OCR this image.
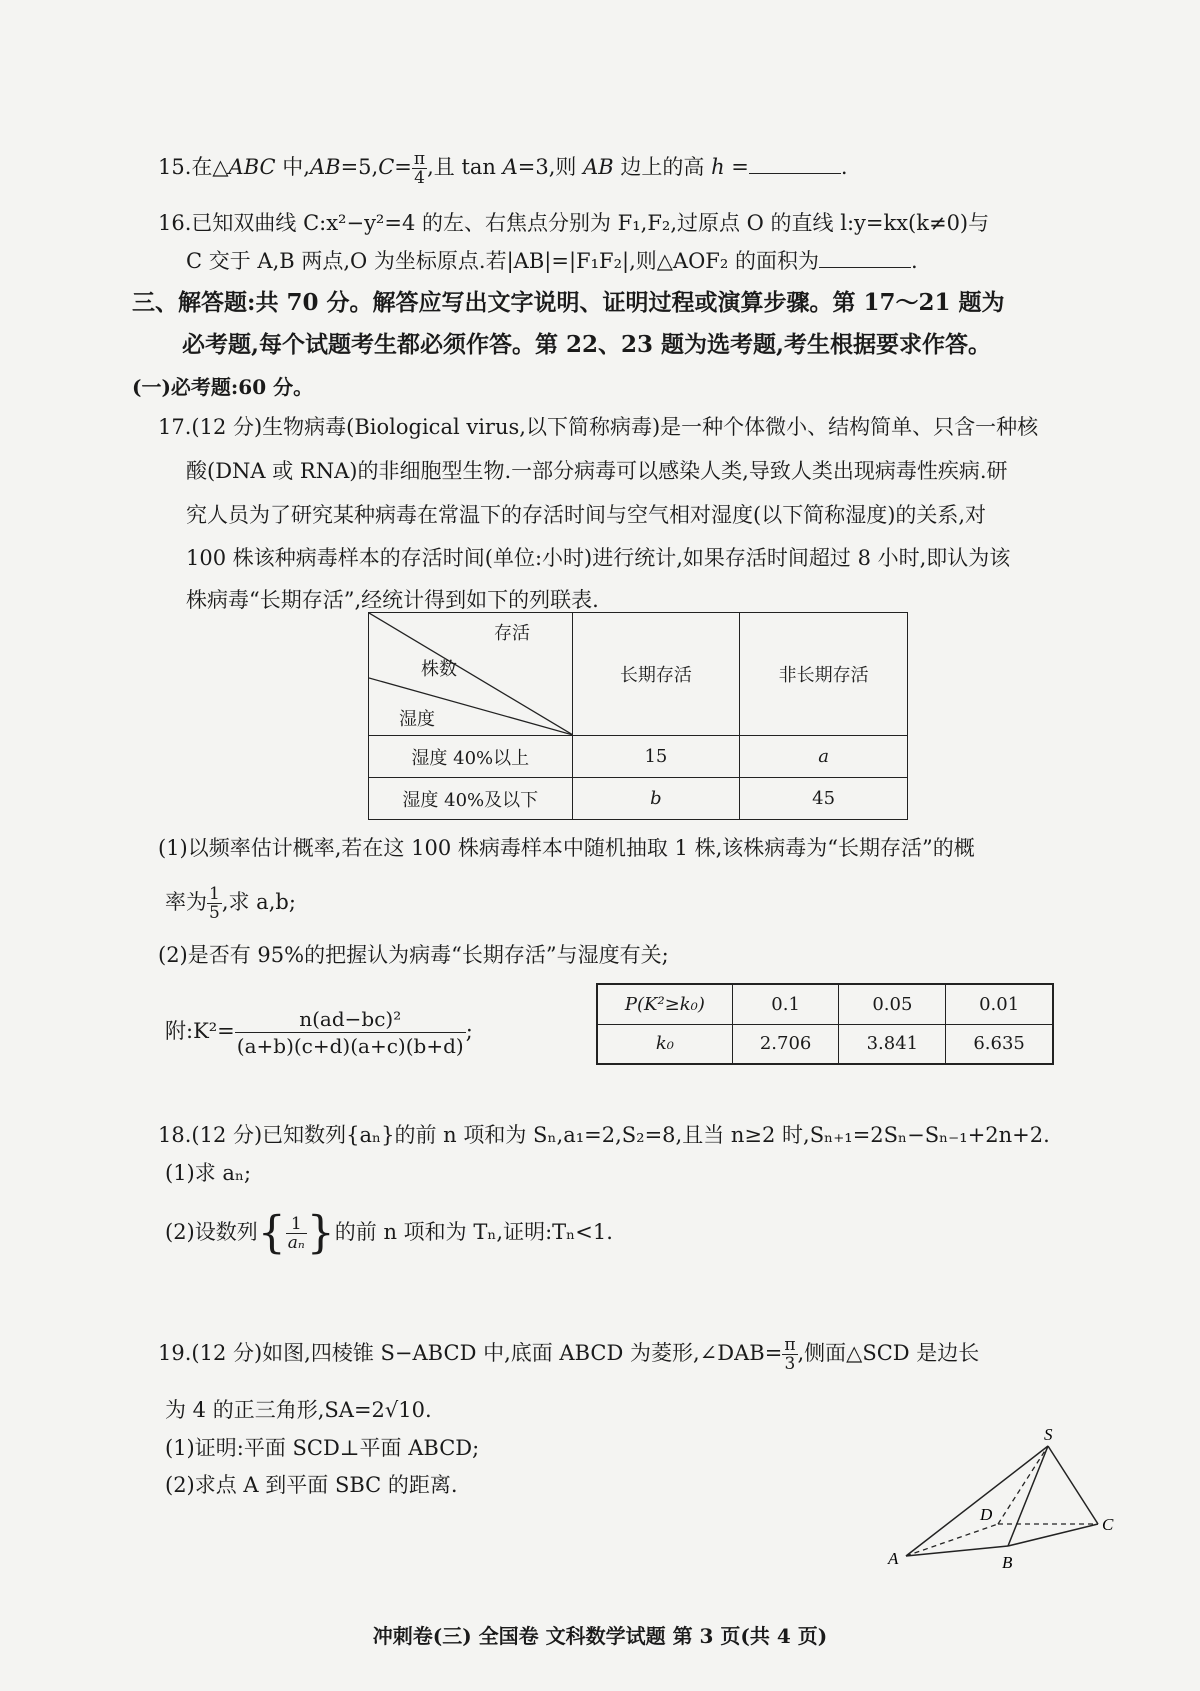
15.在△ABC 中$,AB=5,C= \frac{\pi}{4}$ ,且 tan A=3,则 AB 边上的高 h =	.
16.已知双曲线 C:x²−y²=4 的左、右焦点分别为 F₁,F₂,过原点 O 的直线 l:y=kx(k≠0)与
C 交于 A,B 两点,O 为坐标原点.若|AB|=|F₁F₂|,则△AOF₂ 的面积为	.
三、解答题:共 70 分。解答应写出文字说明、证明过程或演算步骤。第 17～21 题为
必考题,每个试题考生都必须作答。第 22、23 题为选考题,考生根据要求作答。
(一)必考题:60 分。
17.(12 分)生物病毒(Biological virus,以下简称病毒)是一种个体微小、结构简单、只含一种核
酸(DNA 或 RNA)的非细胞型生物.一部分病毒可以感染人类,导致人类出现病毒性疾病.研
究人员为了研究某种病毒在常温下的存活时间与空气相对湿度(以下简称湿度)的关系,对
100 株该种病毒样本的存活时间(单位:小时)进行统计,如果存活时间超过 8 小时,即认为该
株病毒“长期存活”,经统计得到如下的列联表.
存活
株数
湿度	长期存活	非长期存活
湿度 40%以上	15	a
湿度 40%及以下	b	45
(1)以频率估计概率,若在这 100 株病毒样本中随机抽取 1 株,该株病毒为“长期存活”的概
率为 $\frac{1}{5}$ ,求 a,b;
(2)是否有 95%的把握认为病毒“长期存活”与湿度有关;
附:K²= $\frac{\text{n(ad−bc)²}}{(a+b)(c+d)(a+c)(b+d)}$ ;
P(K²≥k₀)	0.1	0.05	0.01
k₀	2.706	3.841	6.635
18.(12 分)已知数列{aₙ}的前 n 项和为 Sₙ,a₁=2,S₂=8,且当 n≥2 时,Sₙ₊₁=2Sₙ−Sₙ₋₁+2n+2.
(1)求 aₙ;
(2)设数列{ $\frac{1}{\text{aₙ}}$ }的前 n 项和为 Tₙ,证明:Tₙ<1.
19.(12 分)如图,四棱锥 S−ABCD 中,底面 ABCD 为菱形,∠DAB= $\frac{\pi}{3}$ ,侧面△SCD 是边长
为 4 的正三角形,SA=2√10.
(1)证明:平面 SCD⊥平面 ABCD;
(2)求点 A 到平面 SBC 的距离.
S
A	B
C
D
冲刺卷(三) 全国卷 文科数学试题 第 3 页(共 4 页)
